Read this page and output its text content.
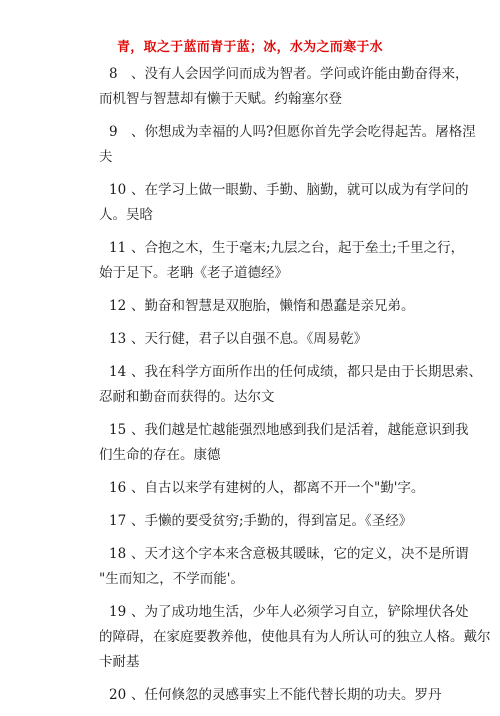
青，取之于蓝而青于蓝；冰，水为之而寒于水
8 、没有人会因学问而成为智者。学问或许能由勤奋得来，
而机智与智慧却有懒于天赋。约翰塞尔登
9 、你想成为幸福的人吗?但愿你首先学会吃得起苦。屠格涅
夫
10 、在学习上做一眼勤、手勤、脑勤，就可以成为有学问的
人。吴晗
11 、合抱之木，生于毫末;九层之台，起于垒土;千里之行，
始于足下。老聃《老子道德经》
12 、勤奋和智慧是双胞胎，懒惰和愚蠢是亲兄弟。
13 、天行健，君子以自强不息。《周易乾》
14 、我在科学方面所作出的任何成绩，都只是由于长期思索、
忍耐和勤奋而获得的。达尔文
15 、我们越是忙越能强烈地感到我们是活着，越能意识到我
们生命的存在。康德
16 、自古以来学有建树的人，都离不开一个"勤'字。
17 、手懒的要受贫穷;手勤的，得到富足。《圣经》
18 、天才这个字本来含意极其暖昧，它的定义，决不是所谓
"生而知之，不学而能'。
19 、为了成功地生活，少年人必须学习自立，铲除埋伏各处
的障碍，在家庭要教养他，使他具有为人所认可的独立人格。戴尔
卡耐基
20 、任何倏忽的灵感事实上不能代替长期的功夫。罗丹
